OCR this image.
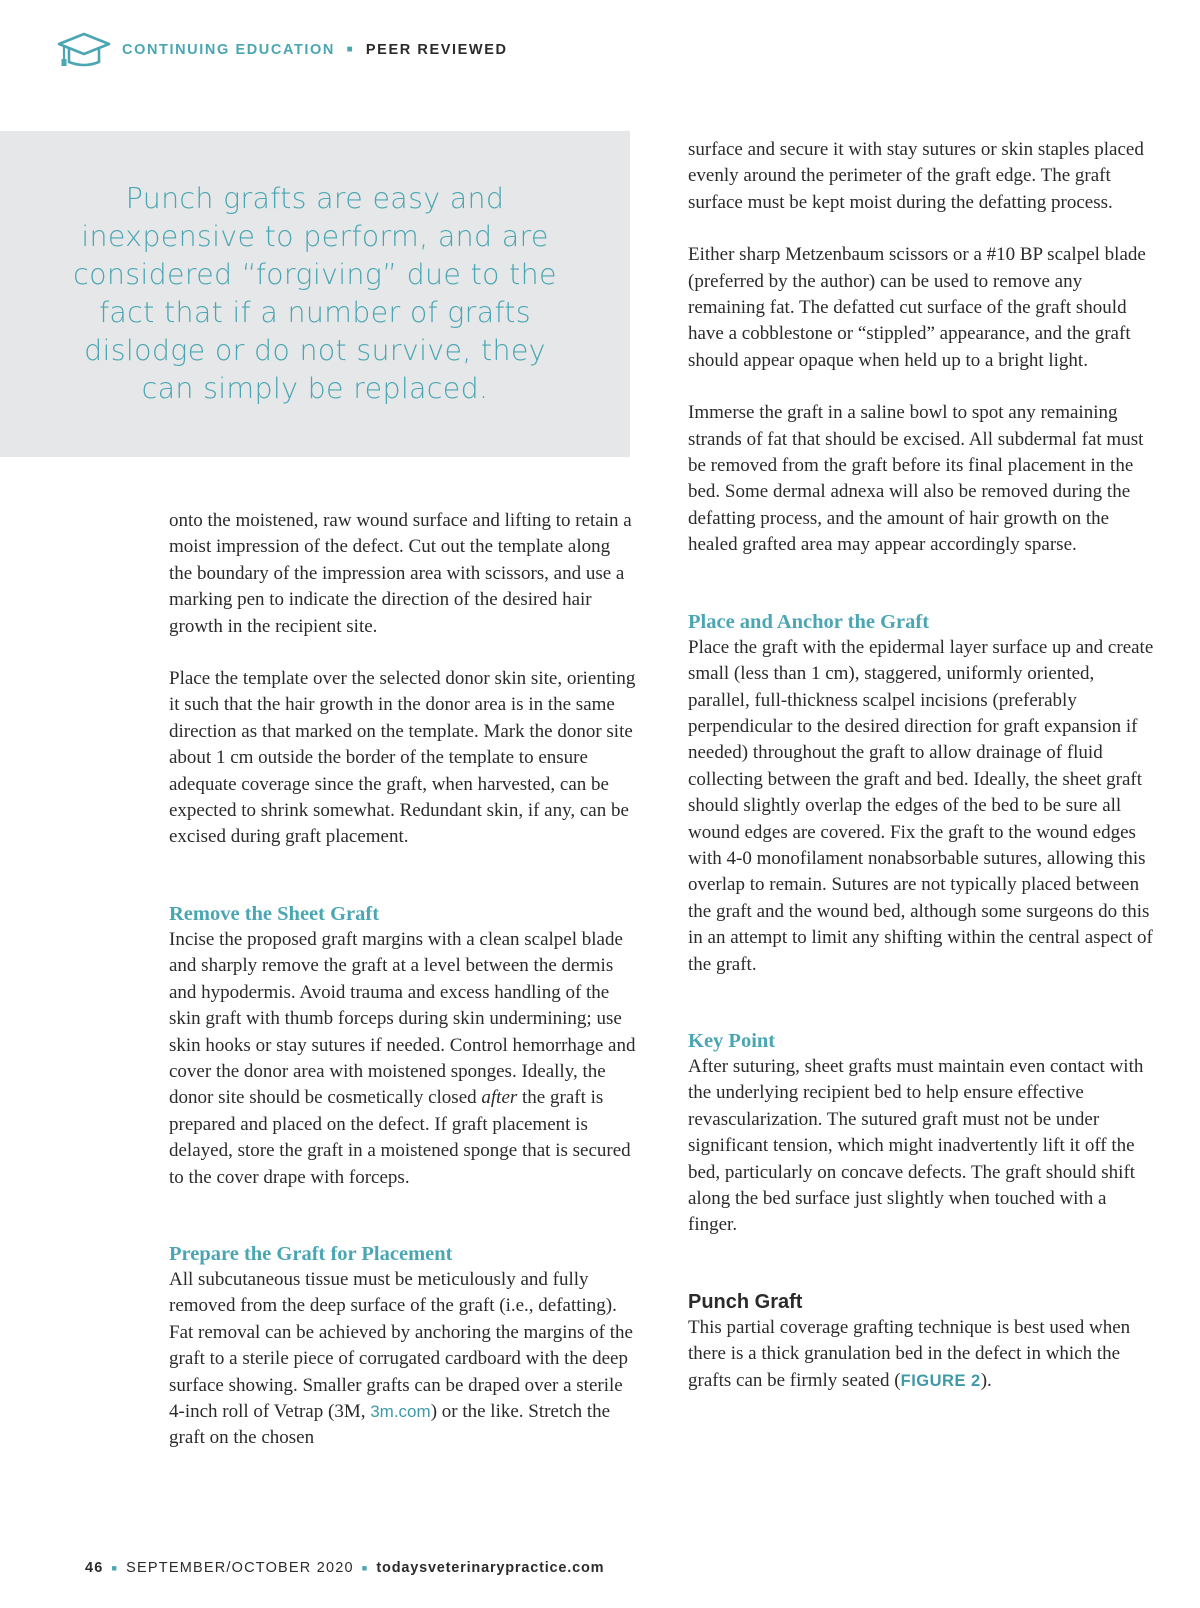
CONTINUING EDUCATION ■ PEER REVIEWED

Punch grafts are easy and inexpensive to perform, and are considered “forgiving” due to the fact that if a number of grafts dislodge or do not survive, they can simply be replaced.

onto the moistened, raw wound surface and lifting to retain a moist impression of the defect. Cut out the template along the boundary of the impression area with scissors, and use a marking pen to indicate the direction of the desired hair growth in the recipient site.

Place the template over the selected donor skin site, orienting it such that the hair growth in the donor area is in the same direction as that marked on the template. Mark the donor site about 1 cm outside the border of the template to ensure adequate coverage since the graft, when harvested, can be expected to shrink somewhat. Redundant skin, if any, can be excised during graft placement.

Remove the Sheet Graft

Incise the proposed graft margins with a clean scalpel blade and sharply remove the graft at a level between the dermis and hypodermis. Avoid trauma and excess handling of the skin graft with thumb forceps during skin undermining; use skin hooks or stay sutures if needed. Control hemorrhage and cover the donor area with moistened sponges. Ideally, the donor site should be cosmetically closed after the graft is prepared and placed on the defect. If graft placement is delayed, store the graft in a moistened sponge that is secured to the cover drape with forceps.

Prepare the Graft for Placement

All subcutaneous tissue must be meticulously and fully removed from the deep surface of the graft (i.e., defatting). Fat removal can be achieved by anchoring the margins of the graft to a sterile piece of corrugated cardboard with the deep surface showing. Smaller grafts can be draped over a sterile 4-inch roll of Vetrap (3M, 3m.com) or the like. Stretch the graft on the chosen

surface and secure it with stay sutures or skin staples placed evenly around the perimeter of the graft edge. The graft surface must be kept moist during the defatting process.

Either sharp Metzenbaum scissors or a #10 BP scalpel blade (preferred by the author) can be used to remove any remaining fat. The defatted cut surface of the graft should have a cobblestone or “stippled” appearance, and the graft should appear opaque when held up to a bright light.

Immerse the graft in a saline bowl to spot any remaining strands of fat that should be excised. All subdermal fat must be removed from the graft before its final placement in the bed. Some dermal adnexa will also be removed during the defatting process, and the amount of hair growth on the healed grafted area may appear accordingly sparse.

Place and Anchor the Graft

Place the graft with the epidermal layer surface up and create small (less than 1 cm), staggered, uniformly oriented, parallel, full-thickness scalpel incisions (preferably perpendicular to the desired direction for graft expansion if needed) throughout the graft to allow drainage of fluid collecting between the graft and bed. Ideally, the sheet graft should slightly overlap the edges of the bed to be sure all wound edges are covered. Fix the graft to the wound edges with 4-0 monofilament nonabsorbable sutures, allowing this overlap to remain. Sutures are not typically placed between the graft and the wound bed, although some surgeons do this in an attempt to limit any shifting within the central aspect of the graft.

Key Point

After suturing, sheet grafts must maintain even contact with the underlying recipient bed to help ensure effective revascularization. The sutured graft must not be under significant tension, which might inadvertently lift it off the bed, particularly on concave defects. The graft should shift along the bed surface just slightly when touched with a finger.

Punch Graft

This partial coverage grafting technique is best used when there is a thick granulation bed in the defect in which the grafts can be firmly seated (FIGURE 2).

46 ■ SEPTEMBER/OCTOBER 2020 ■ todaysveterinarypractice.com
